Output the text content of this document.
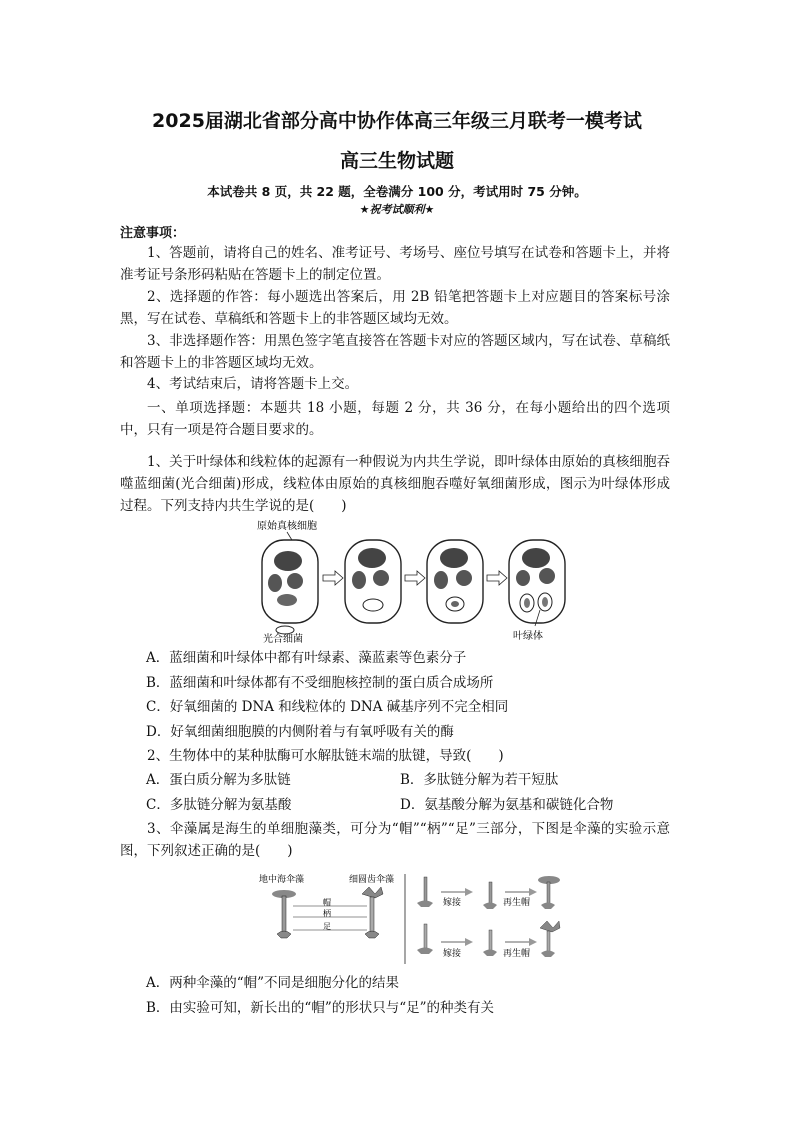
2025届湖北省部分高中协作体高三年级三月联考一模考试
高三生物试题
本试卷共 8 页，共 22 题，全卷满分 100 分，考试用时 75 分钟。
★祝考试顺利★
注意事项：
1、答题前，请将自己的姓名、准考证号、考场号、座位号填写在试卷和答题卡上，并将准考证号条形码粘贴在答题卡上的制定位置。
2、选择题的作答：每小题选出答案后，用 2B 铅笔把答题卡上对应题目的答案标号涂黑，写在试卷、草稿纸和答题卡上的非答题区域均无效。
3、非选择题作答：用黑色签字笔直接答在答题卡对应的答题区域内，写在试卷、草稿纸和答题卡上的非答题区域均无效。
4、考试结束后，请将答题卡上交。
一、单项选择题：本题共 18 小题，每题 2 分，共 36 分，在每小题给出的四个选项中，只有一项是符合题目要求的。
1、关于叶绿体和线粒体的起源有一种假说为内共生学说，即叶绿体由原始的真核细胞吞噬蓝细菌(光合细菌)形成，线粒体由原始的真核细胞吞噬好氧细菌形成，图示为叶绿体形成过程。下列支持内共生学说的是(　　)
原始真核细胞
光合细菌	叶绿体
A．蓝细菌和叶绿体中都有叶绿素、藻蓝素等色素分子
B．蓝细菌和叶绿体都有不受细胞核控制的蛋白质合成场所
C．好氧细菌的 DNA 和线粒体的 DNA 碱基序列不完全相同
D．好氧细菌细胞膜的内侧附着与有氧呼吸有关的酶
2、生物体中的某种肽酶可水解肽链末端的肽键，导致(　　)
A．蛋白质分解为多肽链	B．多肽链分解为若干短肽
C．多肽链分解为氨基酸	D．氨基酸分解为氨基和碳链化合物
3、伞藻属是海生的单细胞藻类，可分为“帽”“柄”“足”三部分，下图是伞藻的实验示意图，下列叙述正确的是(　　)
地中海伞藻	细圆齿伞藻
帽
柄
足
嫁接	再生帽
嫁接	再生帽
A．两种伞藻的“帽”不同是细胞分化的结果
B．由实验可知，新长出的“帽”的形状只与“足”的种类有关
